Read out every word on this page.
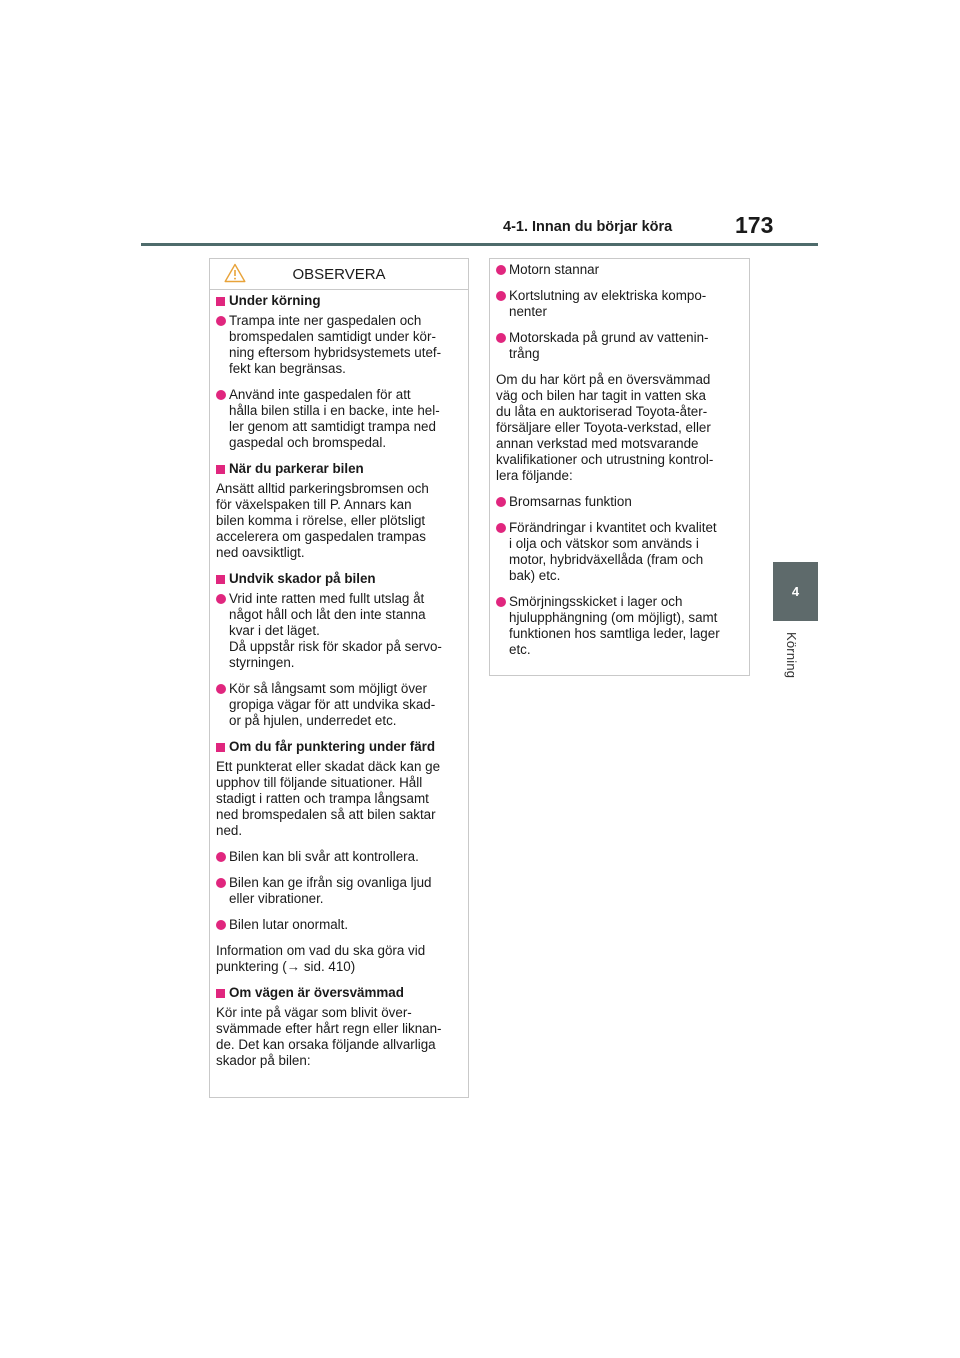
4-1. Innan du börjar köra	173
4
Körning
OBSERVERA
Under körning
Trampa inte ner gaspedalen och
bromspedalen samtidigt under kör-
ning eftersom hybridsystemets utef-
fekt kan begränsas.
Använd inte gaspedalen för att
hålla bilen stilla i en backe, inte hel-
ler genom att samtidigt trampa ned
gaspedal och bromspedal.
När du parkerar bilen
Ansätt alltid parkeringsbromsen och
för växelspaken till P. Annars kan
bilen komma i rörelse, eller plötsligt
accelerera om gaspedalen trampas
ned oavsiktligt.
Undvik skador på bilen
Vrid inte ratten med fullt utslag åt
något håll och låt den inte stanna
kvar i det läget.
Då uppstår risk för skador på servo-
styrningen.
Kör så långsamt som möjligt över
gropiga vägar för att undvika skad-
or på hjulen, underredet etc.
Om du får punktering under färd
Ett punkterat eller skadat däck kan ge
upphov till följande situationer. Håll
stadigt i ratten och trampa långsamt
ned bromspedalen så att bilen saktar
ned.
Bilen kan bli svår att kontrollera.
Bilen kan ge ifrån sig ovanliga ljud
eller vibrationer.
Bilen lutar onormalt.
Information om vad du ska göra vid
punktering (→ sid. 410)
Om vägen är översvämmad
Kör inte på vägar som blivit över-
svämmade efter hårt regn eller liknan-
de. Det kan orsaka följande allvarliga
skador på bilen:
Motorn stannar
Kortslutning av elektriska kompo-
nenter
Motorskada på grund av vattenin-
trång
Om du har kört på en översvämmad
väg och bilen har tagit in vatten ska
du låta en auktoriserad Toyota-åter-
försäljare eller Toyota-verkstad, eller
annan verkstad med motsvarande
kvalifikationer och utrustning kontrol-
lera följande:
Bromsarnas funktion
Förändringar i kvantitet och kvalitet
i olja och vätskor som används i
motor, hybridväxellåda (fram och
bak) etc.
Smörjningsskicket i lager och
hjulupphängning (om möjligt), samt
funktionen hos samtliga leder, lager
etc.
